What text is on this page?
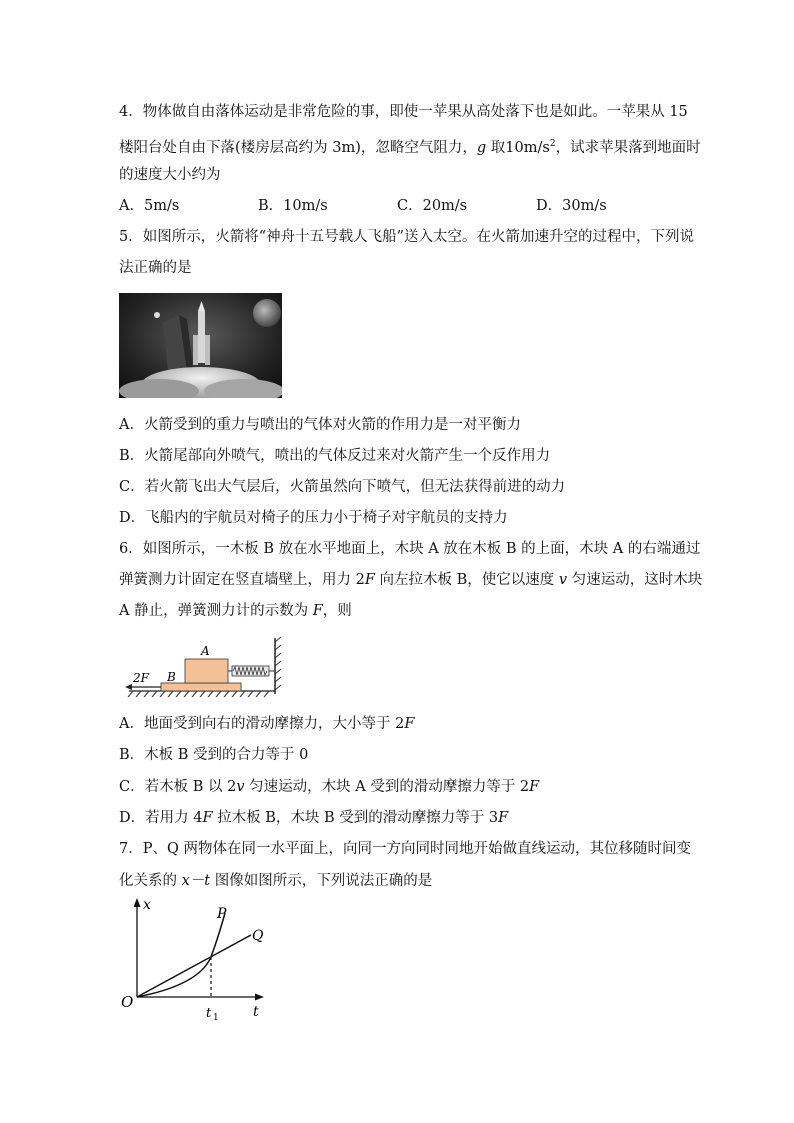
4．物体做自由落体运动是非常危险的事，即使一苹果从高处落下也是如此。一苹果从 15
楼阳台处自由下落(楼房层高约为 3m)，忽略空气阻力，g 取$10m/s^2$，试求苹果落到地面时
的速度大小约为
A．5m/s	B．10m/s	C．20m/s	D．30m/s
5．如图所示，火箭将“神舟十五号载人飞船”送入太空。在火箭加速升空的过程中，下列说
法正确的是
A．火箭受到的重力与喷出的气体对火箭的作用力是一对平衡力
B．火箭尾部向外喷气，喷出的气体反过来对火箭产生一个反作用力
C．若火箭飞出大气层后，火箭虽然向下喷气，但无法获得前进的动力
D．飞船内的宇航员对椅子的压力小于椅子对宇航员的支持力
6．如图所示，一木板 B 放在水平地面上，木块 A 放在木板 B 的上面，木块 A 的右端通过
弹簧测力计固定在竖直墙壁上，用力 2F 向左拉木板 B，使它以速度 v 匀速运动，这时木块
A 静止，弹簧测力计的示数为 F，则
2F B
A
A．地面受到向右的滑动摩擦力，大小等于 2F
B．木板 B 受到的合力等于 0
C．若木板 B 以 2v 匀速运动，木块 A 受到的滑动摩擦力等于 2F
D．若用力 4F 拉木板 B，木块 B 受到的滑动摩擦力等于 3F
7．P、Q 两物体在同一水平面上，向同一方向同时同地开始做直线运动，其位移随时间变
化关系的 x－t 图像如图所示，下列说法正确的是
x
t
O
P
Q
t 1
